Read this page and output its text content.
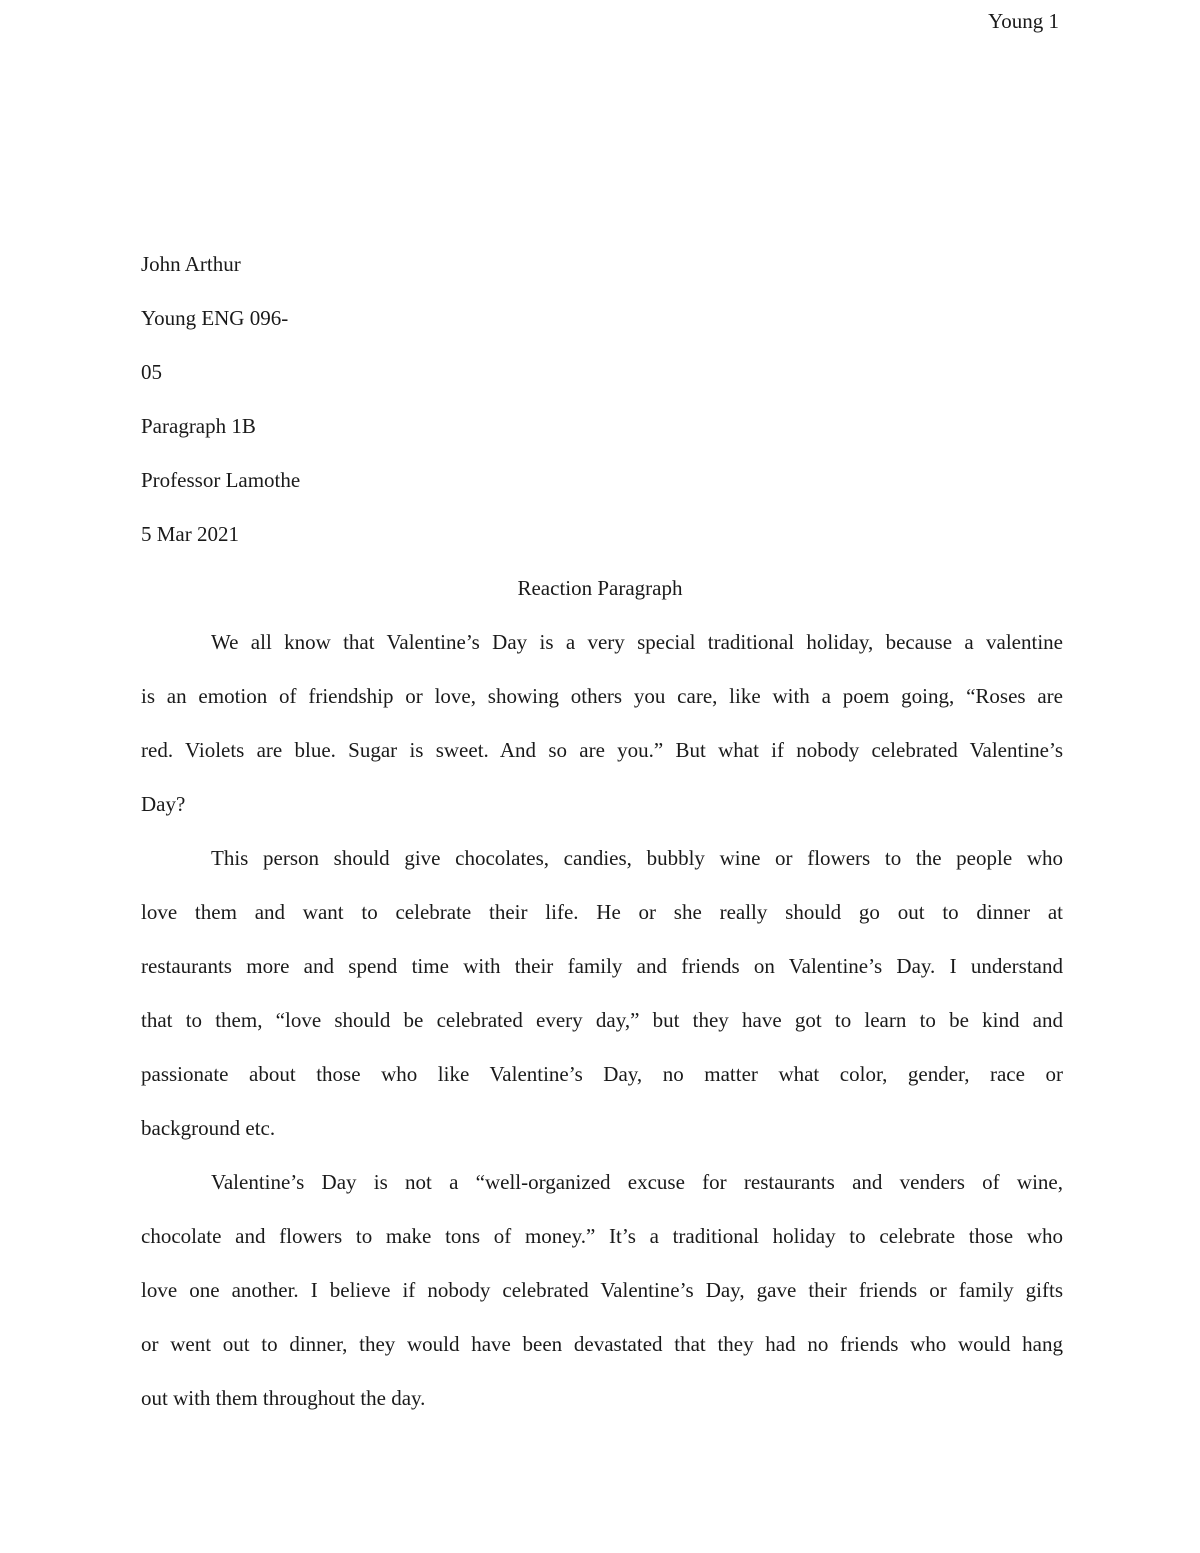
Young 1
John Arthur
Young ENG 096-
05
Paragraph 1B
Professor Lamothe
5 Mar 2021
Reaction Paragraph
We all know that Valentine’s Day is a very special traditional holiday, because a valentine
is an emotion of friendship or love, showing others you care, like with a poem going, “Roses are
red. Violets are blue. Sugar is sweet. And so are you.” But what if nobody celebrated Valentine’s
Day?
This person should give chocolates, candies, bubbly wine or flowers to the people who
love them and want to celebrate their life. He or she really should go out to dinner at
restaurants more and spend time with their family and friends on Valentine’s Day. I understand
that to them, “love should be celebrated every day,” but they have got to learn to be kind and
passionate about those who like Valentine’s Day, no matter what color, gender, race or
background etc.
Valentine’s Day is not a “well-organized excuse for restaurants and venders of wine,
chocolate and flowers to make tons of money.” It’s a traditional holiday to celebrate those who
love one another. I believe if nobody celebrated Valentine’s Day, gave their friends or family gifts
or went out to dinner, they would have been devastated that they had no friends who would hang
out with them throughout the day.
